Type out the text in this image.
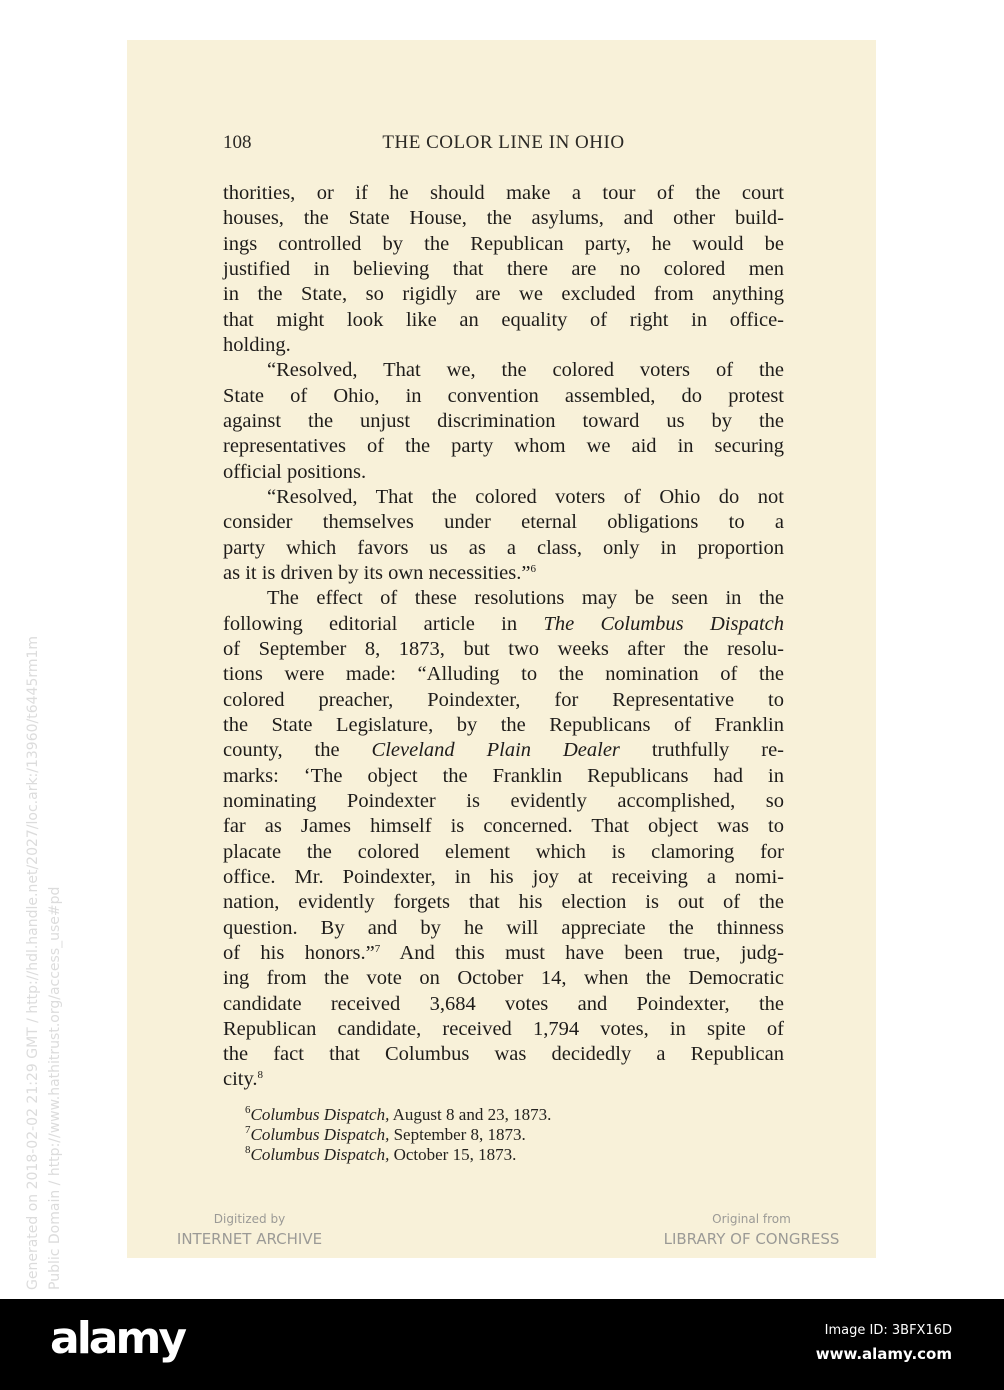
108	THE COLOR LINE IN OHIO
thorities, or if he should make a tour of the court
houses, the State House, the asylums, and other build-
ings controlled by the Republican party, he would be
justified in believing that there are no colored men
in the State, so rigidly are we excluded from anything
that might look like an equality of right in office-
holding.
“Resolved, That we, the colored voters of the
State of Ohio, in convention assembled, do protest
against the unjust discrimination toward us by the
representatives of the party whom we aid in securing
official positions.
“Resolved, That the colored voters of Ohio do not
consider themselves under eternal obligations to a
party which favors us as a class, only in proportion
as it is driven by its own necessities.”$^6$
The effect of these resolutions may be seen in the
following editorial article in The Columbus Dispatch
of September 8, 1873, but two weeks after the resolu-
tions were made: “Alluding to the nomination of the
colored preacher, Poindexter, for Representative to
the State Legislature, by the Republicans of Franklin
county, the Cleveland Plain Dealer truthfully re-
marks: ‘The object the Franklin Republicans had in
nominating Poindexter is evidently accomplished, so
far as James himself is concerned. That object was to
placate the colored element which is clamoring for
office. Mr. Poindexter, in his joy at receiving a nomi-
nation, evidently forgets that his election is out of the
question. By and by he will appreciate the thinness
of his honors.”$^7$ And this must have been true, judg-
ing from the vote on October 14, when the Democratic
candidate received 3,684 votes and Poindexter, the
Republican candidate, received 1,794 votes, in spite of
the fact that Columbus was decidedly a Republican
city.$^8$
$^6$Columbus Dispatch, August 8 and 23, 1873.
$^7$Columbus Dispatch, September 8, 1873.
$^8$Columbus Dispatch, October 15, 1873.
Digitized by
INTERNET ARCHIVE
Original from
LIBRARY OF CONGRESS
Generated on 2018-02-02 21:29 GMT / http://hdl.handle.net/2027/loc.ark:/13960/t6445rm1m Public Domain / http://www.hathitrust.org/access_use#pd
alamy	Image ID: 3BFX16D
www.alamy.com
